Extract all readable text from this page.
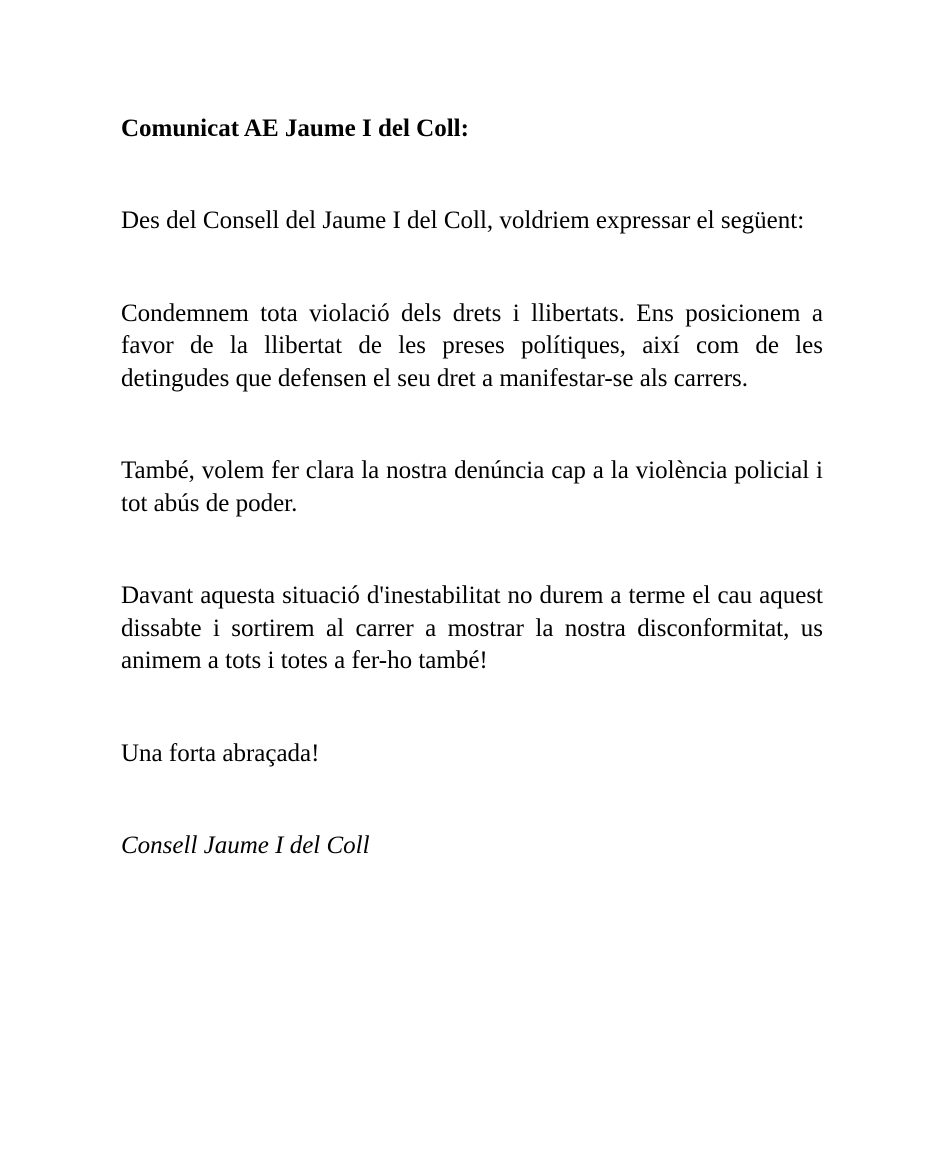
Comunicat AE Jaume I del Coll:

Des del Consell del Jaume I del Coll, voldriem expressar el següent:

Condemnem tota violació dels drets i llibertats. Ens posicionem a favor de la llibertat de les preses polítiques, així com de les detingudes que defensen el seu dret a manifestar-se als carrers.

També, volem fer clara la nostra denúncia cap a la violència policial i tot abús de poder.

Davant aquesta situació d'inestabilitat no durem a terme el cau aquest dissabte i sortirem al carrer a mostrar la nostra disconformitat, us animem a tots i totes a fer-ho també!

Una forta abraçada!

Consell Jaume I del Coll
